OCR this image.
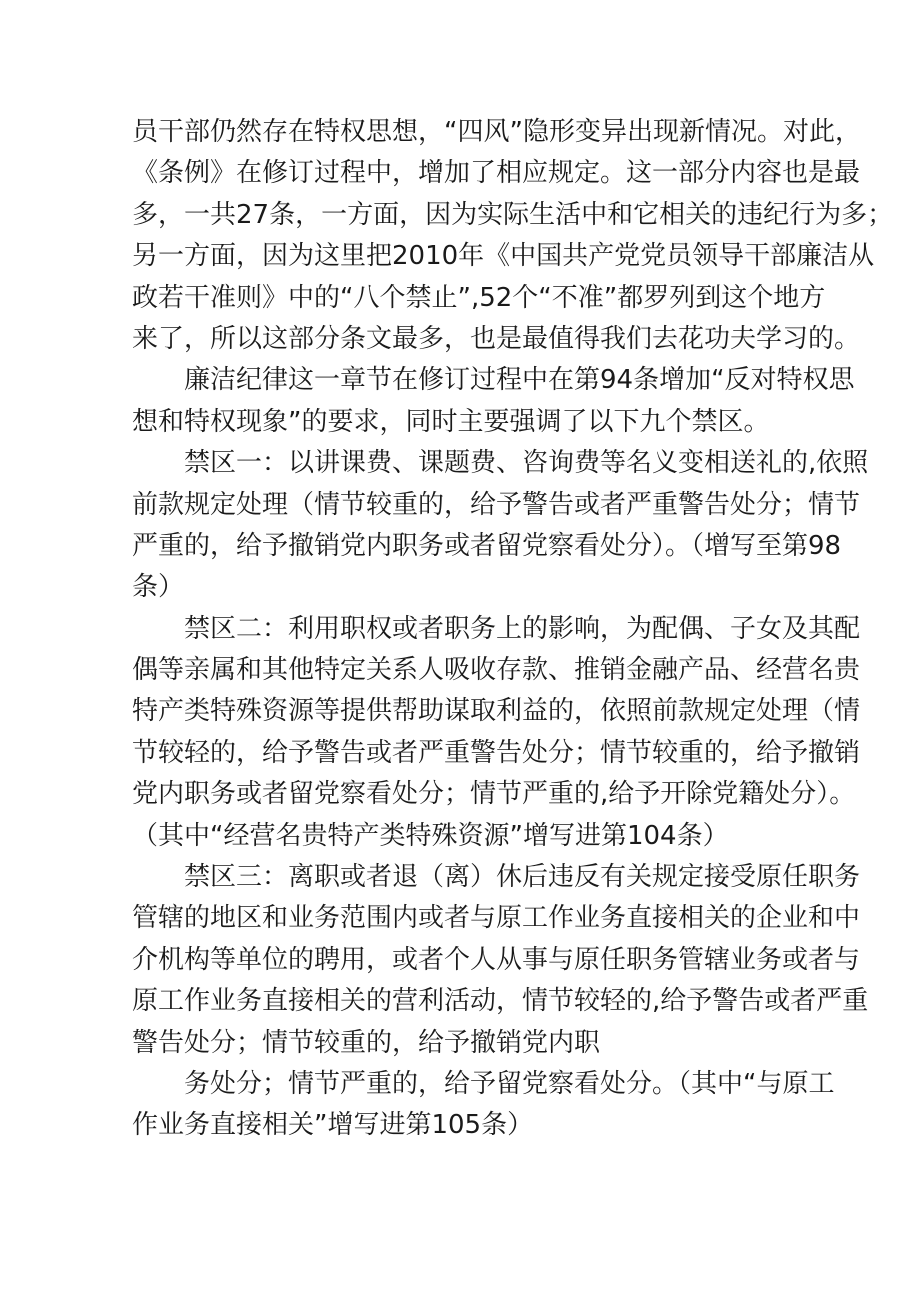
员干部仍然存在特权思想，“四风”隐形变异出现新情况。对此，
《条例》在修订过程中，增加了相应规定。这一部分内容也是最
多，一共27条，一方面，因为实际生活中和它相关的违纪行为多；
另一方面，因为这里把2010年《中国共产党党员领导干部廉洁从
政若干准则》中的“八个禁止”,52个“不准”都罗列到这个地方
来了，所以这部分条文最多，也是最值得我们去花功夫学习的。
廉洁纪律这一章节在修订过程中在第94条增加“反对特权思
想和特权现象”的要求，同时主要强调了以下九个禁区。
禁区一：以讲课费、课题费、咨询费等名义变相送礼的,依照
前款规定处理（情节较重的，给予警告或者严重警告处分；情节
严重的，给予撤销党内职务或者留党察看处分）。（增写至第98
条）
禁区二：利用职权或者职务上的影响，为配偶、子女及其配
偶等亲属和其他特定关系人吸收存款、推销金融产品、经营名贵
特产类特殊资源等提供帮助谋取利益的，依照前款规定处理（情
节较轻的，给予警告或者严重警告处分；情节较重的，给予撤销
党内职务或者留党察看处分；情节严重的,给予开除党籍处分）。
（其中“经营名贵特产类特殊资源”增写进第104条）
禁区三：离职或者退（离）休后违反有关规定接受原任职务
管辖的地区和业务范围内或者与原工作业务直接相关的企业和中
介机构等单位的聘用，或者个人从事与原任职务管辖业务或者与
原工作业务直接相关的营利活动，情节较轻的,给予警告或者严重
警告处分；情节较重的，给予撤销党内职
务处分；情节严重的，给予留党察看处分。（其中“与原工
作业务直接相关”增写进第105条）
